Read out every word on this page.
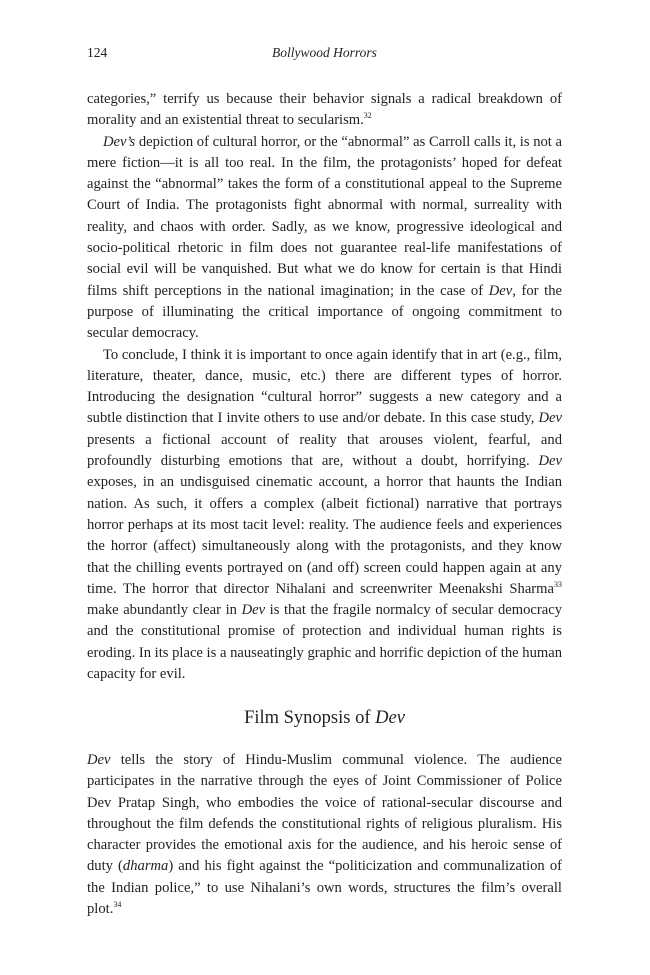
124	Bollywood Horrors

categories,” terrify us because their behavior signals a radical breakdown of morality and an existential threat to secularism.$^{32}$

Dev’s depiction of cultural horror, or the “abnormal” as Carroll calls it, is not a mere fiction—it is all too real. In the film, the protagonists’ hoped for defeat against the “abnormal” takes the form of a constitutional appeal to the Supreme Court of India. The protagonists fight abnormal with normal, surreality with reality, and chaos with order. Sadly, as we know, progressive ideological and socio-political rhetoric in film does not guarantee real-life manifestations of social evil will be vanquished. But what we do know for certain is that Hindi films shift perceptions in the national imagination; in the case of Dev, for the purpose of illuminating the critical importance of ongoing commitment to secular democracy.

To conclude, I think it is important to once again identify that in art (e.g., film, literature, theater, dance, music, etc.) there are different types of horror. Introducing the designation “cultural horror” suggests a new category and a subtle distinction that I invite others to use and/or debate. In this case study, Dev presents a fictional account of reality that arouses violent, fearful, and profoundly disturbing emotions that are, without a doubt, horrifying. Dev exposes, in an undisguised cinematic account, a horror that haunts the Indian nation. As such, it offers a complex (albeit fictional) narrative that portrays horror perhaps at its most tacit level: reality. The audience feels and experiences the horror (affect) simultaneously along with the protagonists, and they know that the chilling events portrayed on (and off) screen could happen again at any time. The horror that director Nihalani and screenwriter Meenakshi Sharma$^{33}$ make abundantly clear in Dev is that the fragile normalcy of secular democracy and the constitutional promise of protection and individual human rights is eroding. In its place is a nauseatingly graphic and horrific depiction of the human capacity for evil.

Film Synopsis of Dev

Dev tells the story of Hindu-Muslim communal violence. The audience participates in the narrative through the eyes of Joint Commissioner of Police Dev Pratap Singh, who embodies the voice of rational-secular discourse and throughout the film defends the constitutional rights of religious pluralism. His character provides the emotional axis for the audience, and his heroic sense of duty (dharma) and his fight against the “politicization and communalization of the Indian police,” to use Nihalani’s own words, structures the film’s overall plot.$^{34}$
